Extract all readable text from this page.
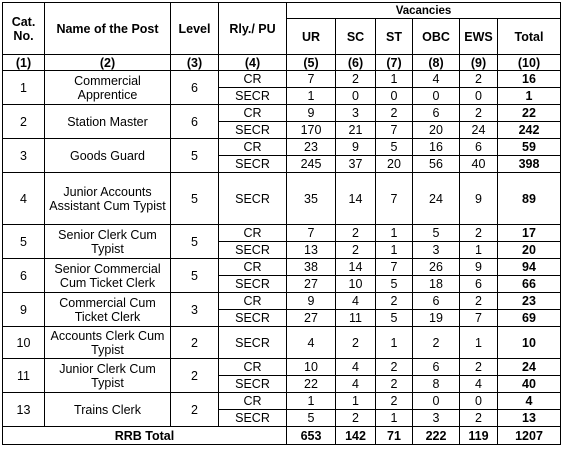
Cat. No.	Name of the Post	Level	Rly./ PU	Vacancies					
				UR	SC	ST	OBC	EWS	Total
(1)	(2)	(3)	(4)	(5)	(6)	(7)	(8)	(9)	(10)
1	Commercial Apprentice	6	CR	7	2	1	4	2	16
			SECR	1	0	0	0	0	1
2	Station Master	6	CR	9	3	2	6	2	22
			SECR	170	21	7	20	24	242
3	Goods Guard	5	CR	23	9	5	16	6	59
			SECR	245	37	20	56	40	398
4	Junior Accounts Assistant Cum Typist	5	SECR	35	14	7	24	9	89
5	Senior Clerk Cum Typist	5	CR	7	2	1	5	2	17
			SECR	13	2	1	3	1	20
6	Senior Commercial Cum Ticket Clerk	5	CR	38	14	7	26	9	94
			SECR	27	10	5	18	6	66
9	Commercial Cum Ticket Clerk	3	CR	9	4	2	6	2	23
			SECR	27	11	5	19	7	69
10	Accounts Clerk Cum Typist	2	SECR	4	2	1	2	1	10
11	Junior Clerk Cum Typist	2	CR	10	4	2	6	2	24
			SECR	22	4	2	8	4	40
13	Trains Clerk	2	CR	1	1	2	0	0	4
			SECR	5	2	1	3	2	13
RRB Total				653	142	71	222	119	1207
